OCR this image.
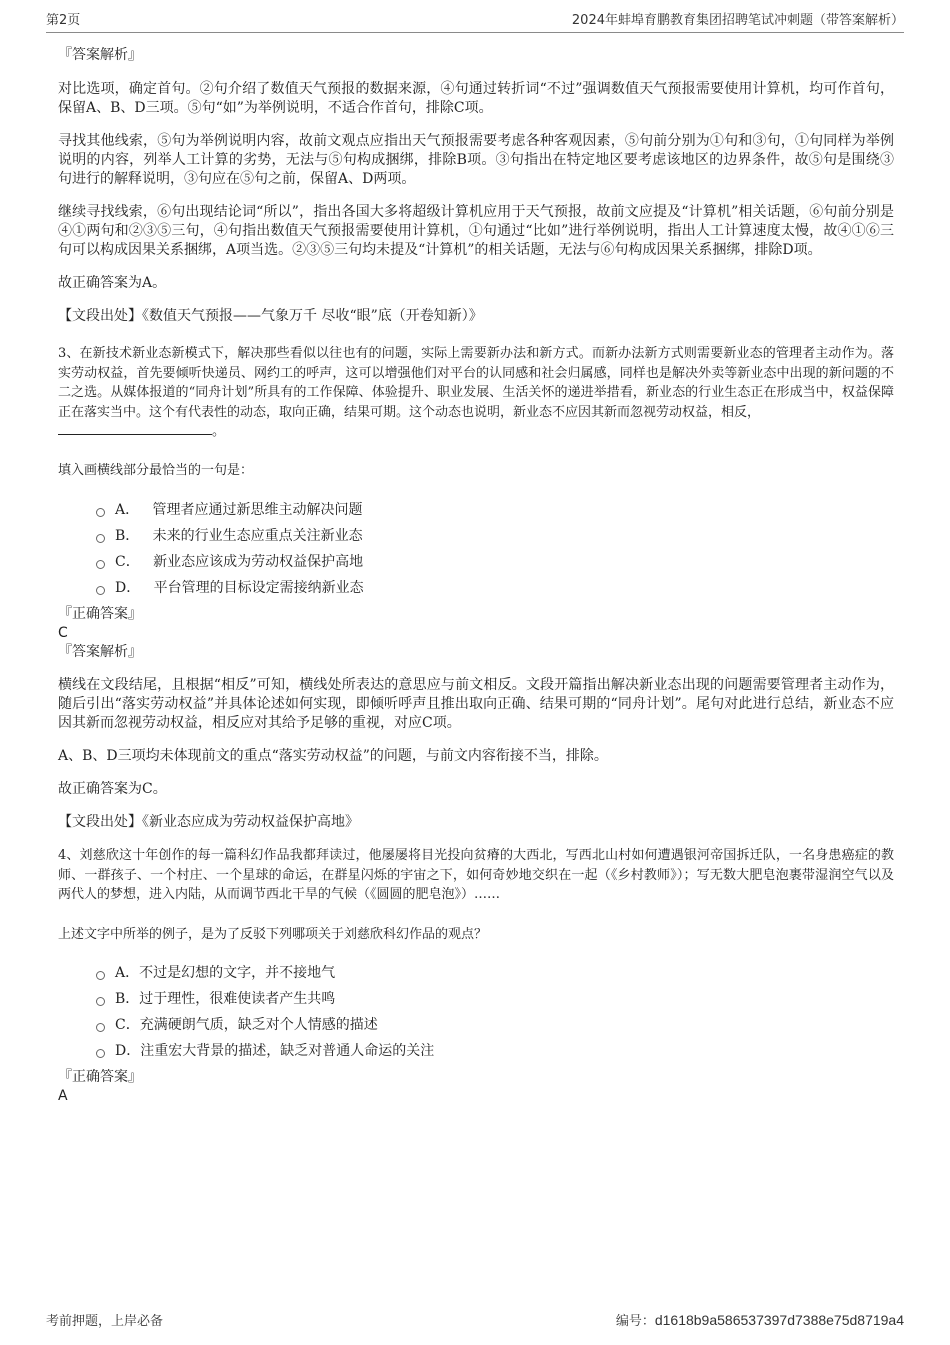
第2页	2024年蚌埠育鹏教育集团招聘笔试冲刺题（带答案解析）

『答案解析』

对比选项，确定首句。②句介绍了数值天气预报的数据来源，④句通过转折词“不过”强调数值天气预报需要使用计算机，均可作首句，保留A、B、D三项。⑤句“如”为举例说明，不适合作首句，排除C项。

寻找其他线索，⑤句为举例说明内容，故前文观点应指出天气预报需要考虑各种客观因素，⑤句前分别为①句和③句，①句同样为举例说明的内容，列举人工计算的劣势，无法与⑤句构成捆绑，排除B项。③句指出在特定地区要考虑该地区的边界条件，故⑤句是围绕③句进行的解释说明，③句应在⑤句之前，保留A、D两项。

继续寻找线索，⑥句出现结论词“所以”，指出各国大多将超级计算机应用于天气预报，故前文应提及“计算机”相关话题，⑥句前分别是④①两句和②③⑤三句，④句指出数值天气预报需要使用计算机，①句通过“比如”进行举例说明，指出人工计算速度太慢，故④①⑥三句可以构成因果关系捆绑，A项当选。②③⑤三句均未提及“计算机”的相关话题，无法与⑥句构成因果关系捆绑，排除D项。

故正确答案为A。

【文段出处】《数值天气预报——气象万千 尽收“眼”底（开卷知新）》

3、在新技术新业态新模式下，解决那些看似以往也有的问题，实际上需要新办法和新方式。而新办法新方式则需要新业态的管理者主动作为。落实劳动权益，首先要倾听快递员、网约工的呼声，这可以增强他们对平台的认同感和社会归属感，同样也是解决外卖等新业态中出现的新问题的不二之选。从媒体报道的“同舟计划”所具有的工作保障、体验提升、职业发展、生活关怀的递进举措看，新业态的行业生态正在形成当中，权益保障正在落实当中。这个有代表性的动态，取向正确，结果可期。这个动态也说明，新业态不应因其新而忽视劳动权益，相反，
。

填入画横线部分最恰当的一句是：

A．
管理者应通过新思维主动解决问题
B．
未来的行业生态应重点关注新业态
C．
新业态应该成为劳动权益保护高地
D．
平台管理的目标设定需接纳新业态

『正确答案』

C

『答案解析』

横线在文段结尾，且根据“相反”可知，横线处所表达的意思应与前文相反。文段开篇指出解决新业态出现的问题需要管理者主动作为，随后引出“落实劳动权益”并具体论述如何实现，即倾听呼声且推出取向正确、结果可期的“同舟计划”。尾句对此进行总结，新业态不应因其新而忽视劳动权益，相反应对其给予足够的重视，对应C项。

A、B、D三项均未体现前文的重点“落实劳动权益”的问题，与前文内容衔接不当，排除。

故正确答案为C。

【文段出处】《新业态应成为劳动权益保护高地》

4、刘慈欣这十年创作的每一篇科幻作品我都拜读过，他屡屡将目光投向贫瘠的大西北，写西北山村如何遭遇银河帝国拆迁队，一名身患癌症的教师、一群孩子、一个村庄、一个星球的命运，在群星闪烁的宇宙之下，如何奇妙地交织在一起（《乡村教师》）；写无数大肥皂泡裹带湿润空气以及两代人的梦想，进入内陆，从而调节西北干旱的气候（《圆圆的肥皂泡》）……

上述文字中所举的例子，是为了反驳下列哪项关于刘慈欣科幻作品的观点？

A． 不过是幻想的文字，并不接地气
B． 过于理性，很难使读者产生共鸣
C． 充满硬朗气质，缺乏对个人情感的描述
D． 注重宏大背景的描述，缺乏对普通人命运的关注

『正确答案』

A

考前押题，上岸必备	编号：d1618b9a586537397d7388e75d8719a4
